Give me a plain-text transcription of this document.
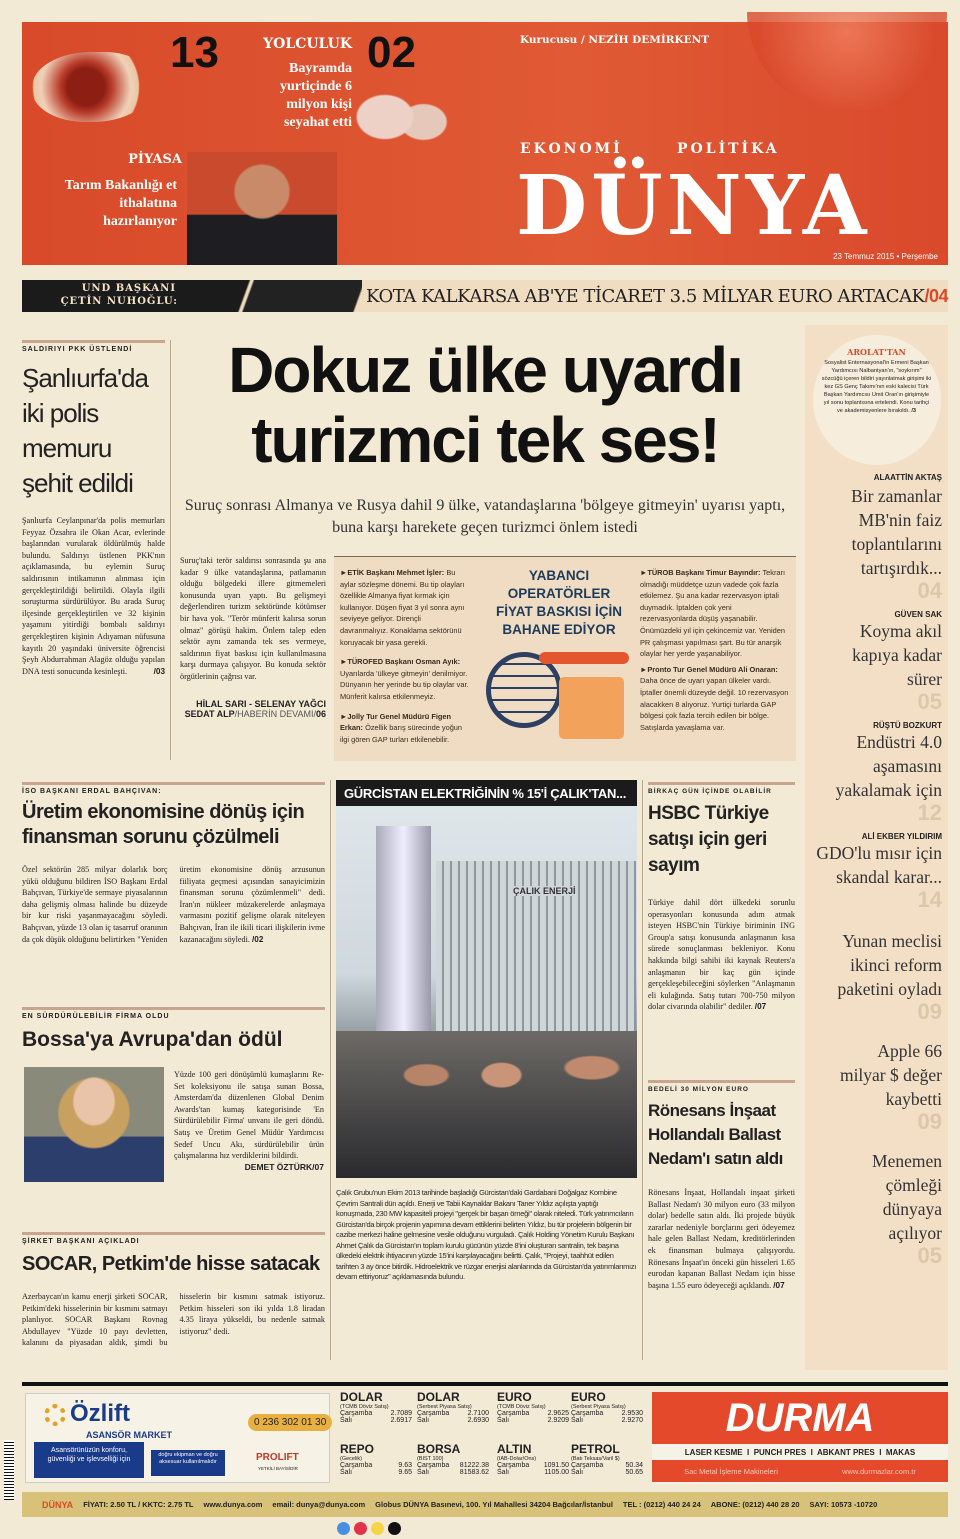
13
PİYASA
Tarım Bakanlığı et ithalatına hazırlanıyor
YOLCULUK
Bayramda yurtiçinde 6 milyon kişi seyahat etti
02	Kurucusu / NEZİH DEMİRKENT
EKONOMİ	POLİTİKA
DÜNYA
23 Temmuz 2015 • Perşembe
UND BAŞKANI
ÇETİN NUHOĞLU:	KOTA KALKARSA AB'YE TİCARET 3.5 MİLYAR EURO ARTACAK/04
SALDIRIYI PKK ÜSTLENDİ
Şanlıurfa'da iki polis memuru şehit edildi
Şanlıurfa Ceylanpınar'da polis memurları Feyyaz Özsahra ile Okan Acar, evlerinde başlarından vurularak öldürülmüş halde bulundu. Saldırıyı üstlenen PKK'nın açıklamasında, bu eylemin Suruç saldırısının intikamının alınması için gerçekleştirildiği belirtildi. Olayla ilgili soruşturma sürdürülüyor. Bu arada Suruç ilçesinde gerçekleştirilen ve 32 kişinin yaşamını yitirdiği bombalı saldırıyı gerçekleştiren kişinin Adıyaman nüfusuna kayıtlı 20 yaşındaki üniversite öğrencisi Şeyh Abdurrahman Alagöz olduğu yapılan DNA testi sonucunda kesinleşti.	/03
Dokuz ülke uyardı
turizmci tek ses!
Suruç sonrası Almanya ve Rusya dahil 9 ülke, vatandaşlarına 'bölgeye gitmeyin' uyarısı yaptı, buna karşı harekete geçen turizmci önlem istedi
Suruç'taki terör saldırısı sonrasında şu ana kadar 9 ülke vatandaşlarına, patlamanın olduğu bölgedeki illere gitmemeleri konusunda uyarı yaptı. Bu gelişmeyi değerlendiren turizm sektöründe kötümser bir hava yok. "Terör münferit kalırsa sorun olmaz" görüşü hakim. Önlem talep eden sektör aynı zamanda tek ses vermeye, saldırının fiyat baskısı için kullanılmasına karşı durmaya çalışıyor. Bu konuda sektör örgütlerinin çağrısı var.
HİLAL SARI - SELENAY YAĞCI
SEDAT ALP/HABERİN DEVAMI/06

►ETİK Başkanı Mehmet İşler: Bu aylar sözleşme dönemi. Bu tip olayları özellikle Almanya fiyat kırmak için kullanıyor. Düşen fiyat 3 yıl sonra aynı seviyeye geliyor. Dirençli davranmalıyız. Konaklama sektörünü koruyacak bir yasa gerekli.

►TÜROFED Başkanı Osman Ayık: Uyarılarda 'ülkeye gitmeyin' denilmiyor. Dünyanın her yerinde bu tip olaylar var. Münferit kalırsa etkilenmeyiz.

►Jolly Tur Genel Müdürü Figen Erkan: Özellik barış sürecinde yoğun ilgi gören GAP turları etkilenebilir.

YABANCI OPERATÖRLER FİYAT BASKISI İÇİN BAHANE EDİYOR

►TÜROB Başkanı Timur Bayındır: Tekrarı olmadığı müddetçe uzun vadede çok fazla etkilemez. Şu ana kadar rezervasyon iptali duymadık. İptalden çok yeni rezervasyonlarda düşüş yaşanabilir. Önümüzdeki yıl için çekincemiz var. Yeniden PR çalışması yapılması şart. Bu tür anarşik olaylar her yerde yaşanabiliyor.

►Pronto Tur Genel Müdürü Ali Onaran: Daha önce de uyarı yapan ülkeler vardı. İptaller önemli düzeyde değil. 10 rezervasyon alacakken 8 alıyoruz. Yurtiçi turlarda GAP bölgesi çok fazla tercih edilen bir bölge. Satışlarda yavaşlama var.

AROLAT'TAN
Sosyalist Enternasyonal'in Ermeni Başkan Yardımcısı Nalbantyan'ın, "soykırım" sözcüğü içeren bildiri yayınlatmak girişimi iki kez GS Genç Takımı'nın eski kalecisi Türk Başkan Yardımcısı Umit Oran'ın girişimiyle yıl sonu toplantısına ertelendi. Konu tarihçi ve akademisyenlere bırakıldı. /3
ALAATTİN AKTAŞ
Bir zamanlar MB'nin faiz toplantılarını tartışırdık...
04
GÜVEN SAK
Koyma akıl kapıya kadar sürer
05
RÜŞTÜ BOZKURT
Endüstri 4.0 aşamasını yakalamak için
12
ALİ EKBER YILDIRIM
GDO'lu mısır için skandal karar...
14
Yunan meclisi ikinci reform paketini oyladı
09
Apple 66 milyar $ değer kaybetti
09
Menemen çömleği dünyaya açılıyor
05
İSO BAŞKANI ERDAL BAHÇIVAN:
Üretim ekonomisine dönüş için finansman sorunu çözülmeli
Özel sektörün 285 milyar dolarlık borç yükü olduğunu bildiren İSO Başkanı Erdal Bahçıvan, Türkiye'de sermaye piyasalarının daha gelişmiş olması halinde bu düzeyde bir kur riski yaşanmayacağını söyledi. Bahçıvan, yüzde 13 olan iç tasarruf oranının da çok düşük olduğunu belirtirken "Yeniden üretim ekonomisine dönüş arzusunun fiiliyata geçmesi açısından sanayicimizin finansman sorunu çözümlenmeli" dedi. İran'ın nükleer müzakerelerde anlaşmaya varmasını pozitif gelişme olarak niteleyen Bahçıvan, İran ile ikili ticari ilişkilerin ivme kazanacağını söyledi. /02
EN SÜRDÜRÜLEBİLİR FİRMA OLDU
Bossa'ya Avrupa'dan ödül
Yüzde 100 geri dönüşümlü kumaşlarını Re-Set koleksiyonu ile satışa sunan Bossa, Amsterdam'da düzenlenen Global Denim Awards'tan kumaş kategorisinde 'En Sürdürülebilir Firma' unvanı ile geri döndü. Satış ve Üretim Genel Müdür Yardımcısı Sedef Uncu Akı, sürdürülebilir ürün çalışmalarına hız verdiklerini bildirdi.
DEMET ÖZTÜRK/07
ŞİRKET BAŞKANI AÇIKLADI
SOCAR, Petkim'de hisse satacak
Azerbaycan'ın kamu enerji şirketi SOCAR, Petkim'deki hisselerinin bir kısmını satmayı planlıyor. SOCAR Başkanı Rovnag Abdullayev "Yüzde 10 payı devletten, kalanını da piyasadan aldık, şimdi bu hisselerin bir kısmını satmak istiyoruz. Petkim hisseleri son iki yılda 1.8 liradan 4.35 liraya yükseldi, bu nedenle satmak istiyoruz" dedi.
GÜRCİSTAN ELEKTRİĞİNİN % 15'İ ÇALIK'TAN...
ÇALIK ENERJİ
Çalık Grubu'nun Ekim 2013 tarihinde başladığı Gürcistan'daki Gardabani Doğalgaz Kombine Çevrim Santrali dün açıldı. Enerji ve Tabii Kaynaklar Bakanı Taner Yıldız açılışta yaptığı konuşmada, 230 MW kapasiteli projeyi "gerçek bir başarı örneği" olarak niteledi. Türk yatırımcıların Gürcistan'da birçok projenin yapımına devam ettiklerini belirten Yıldız, bu tür projelerin bölgenin bir cazibe merkezi haline gelmesine vesile olduğunu vurguladı. Çalık Holding Yönetim Kurulu Başkanı Ahmet Çalık da Gürcistan'ın toplam kurulu gücünün yüzde 8'ini oluşturan santralin, tek başına ülkedeki elektrik ihtiyacının yüzde 15'ini karşılayacağını belirtti. Çalık, "Projeyi, taahhüt edilen tarihten 3 ay önce bitirdik. Hidroelektrik ve rüzgar enerjisi alanlarında da Gürcistan'da yatırımlarımızı devam ettiriyoruz" açıklamasında bulundu.
BİRKAÇ GÜN İÇİNDE OLABİLİR
HSBC Türkiye satışı için geri sayım
Türkiye dahil dört ülkedeki sorunlu operasyonları konusunda adım atmak isteyen HSBC'nin Türkiye biriminin ING Group'a satışı konusunda anlaşmanın kısa sürede sonuçlanması bekleniyor. Konu hakkında bilgi sahibi iki kaynak Reuters'a anlaşmanın bir kaç gün içinde gerçekleşebileceğini söylerken "Anlaşmanın eli kulağında. Satış tutarı 700-750 milyon dolar civarında olabilir" dediler. /07
BEDELİ 30 MİLYON EURO
Rönesans İnşaat Hollandalı Ballast Nedam'ı satın aldı
Rönesans İnşaat, Hollandalı inşaat şirketi Ballast Nedam'ı 30 milyon euro (33 milyon dolar) bedelle satın aldı. İki projede büyük zararlar nedeniyle borçlarını geri ödeyemez hale gelen Ballast Nedam, kreditörlerinden ek finansman bulmaya çalışıyordu. Rönesans İnşaat'ın önceki gün hisseleri 1.65 eurodan kapanan Ballast Nedam için hisse başına 1.55 euro ödeyeceği açıklandı. /07
Özlift
ASANSÖR MARKET
0 236 302 01 30
Asansörünüzün konforu, güvenliği ve işlevselliği için
doğru ekipman ve doğru aksesuar kullanılmalıdır	PROLIFT
YETKİLİ BAYİSİDİR
DOLAR
(TCMB Döviz Satış)
Çarşamba	2.7089
Salı	2.6917
DOLAR
(Serbest Piyasa Satış)
Çarşamba	2.7100
Salı	2.6930
EURO
(TCMB Döviz Satış)
Çarşamba	2.9625
Salı	2.9209
EURO
(Serbest Piyasa Satış)
Çarşamba	2.9530
Salı	2.9270
REPO
(Gecelik)
Çarşamba	9.63
Salı	9.65
BORSA
(BIST 100)
Çarşamba 81222.38
Salı	81583.62
ALTIN
(IAB-Dolar/Ons)
Çarşamba 1091.50
Salı	1105.00
PETROL
(Batı Teksas/Varil $)
Çarşamba	50.34
Salı	50.65
DURMA
LASER KESME  I  PUNCH PRES  I  ABKANT PRES  I  MAKAS
Sac Metal İşleme Makineleri	www.durmazlar.com.tr
DÜNYA FİYATI: 2.50 TL / KKTC: 2.75 TL www.dunya.com email: dunya@dunya.com Globus DÜNYA Basınevi, 100. Yıl Mahallesi 34204 Bağcılar/İstanbul TEL : (0212) 440 24 24 ABONE: (0212) 440 28 20 SAYI: 10573 -10720
